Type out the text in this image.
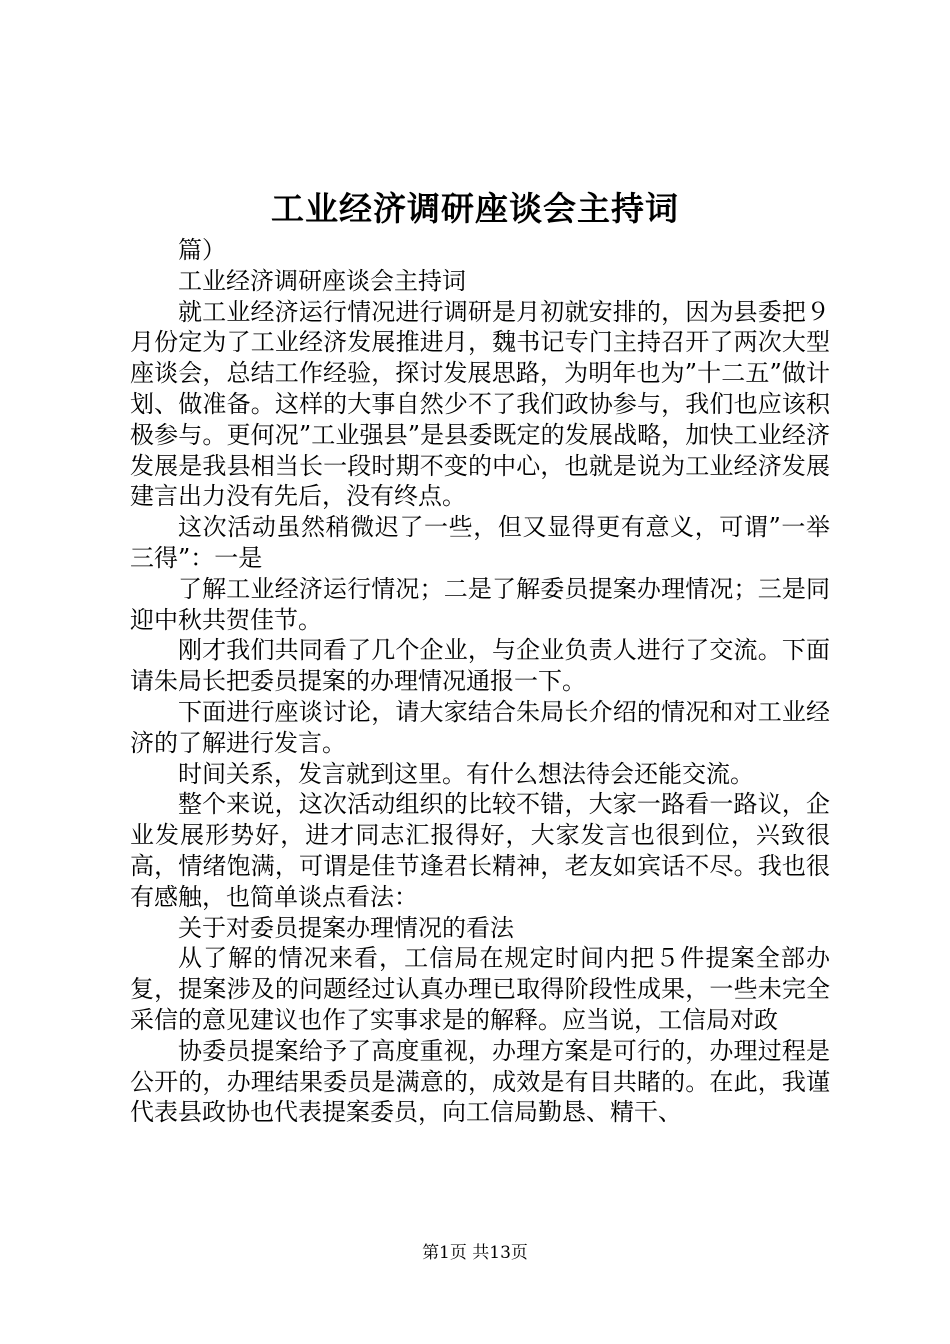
工业经济调研座谈会主持词

篇）

工业经济调研座谈会主持词

就工业经济运行情况进行调研是月初就安排的，因为县委把９月份定为了工业经济发展推进月，魏书记专门主持召开了两次大型座谈会，总结工作经验，探讨发展思路，为明年也为”十二五”做计划、做准备。这样的大事自然少不了我们政协参与，我们也应该积极参与。更何况”工业强县”是县委既定的发展战略，加快工业经济发展是我县相当长一段时期不变的中心，也就是说为工业经济发展建言出力没有先后，没有终点。

这次活动虽然稍微迟了一些，但又显得更有意义，可谓”一举三得”：一是

了解工业经济运行情况；二是了解委员提案办理情况；三是同迎中秋共贺佳节。

刚才我们共同看了几个企业，与企业负责人进行了交流。下面请朱局长把委员提案的办理情况通报一下。

下面进行座谈讨论，请大家结合朱局长介绍的情况和对工业经济的了解进行发言。

时间关系，发言就到这里。有什么想法待会还能交流。

整个来说，这次活动组织的比较不错，大家一路看一路议，企业发展形势好，进才同志汇报得好，大家发言也很到位，兴致很高，情绪饱满，可谓是佳节逢君长精神，老友如宾话不尽。我也很有感触，也简单谈点看法：

关于对委员提案办理情况的看法

从了解的情况来看，工信局在规定时间内把５件提案全部办复，提案涉及的问题经过认真办理已取得阶段性成果，一些未完全采信的意见建议也作了实事求是的解释。应当说，工信局对政

协委员提案给予了高度重视，办理方案是可行的，办理过程是公开的，办理结果委员是满意的，成效是有目共睹的。在此，我谨代表县政协也代表提案委员，向工信局勤恳、精干、

第1页 共13页
